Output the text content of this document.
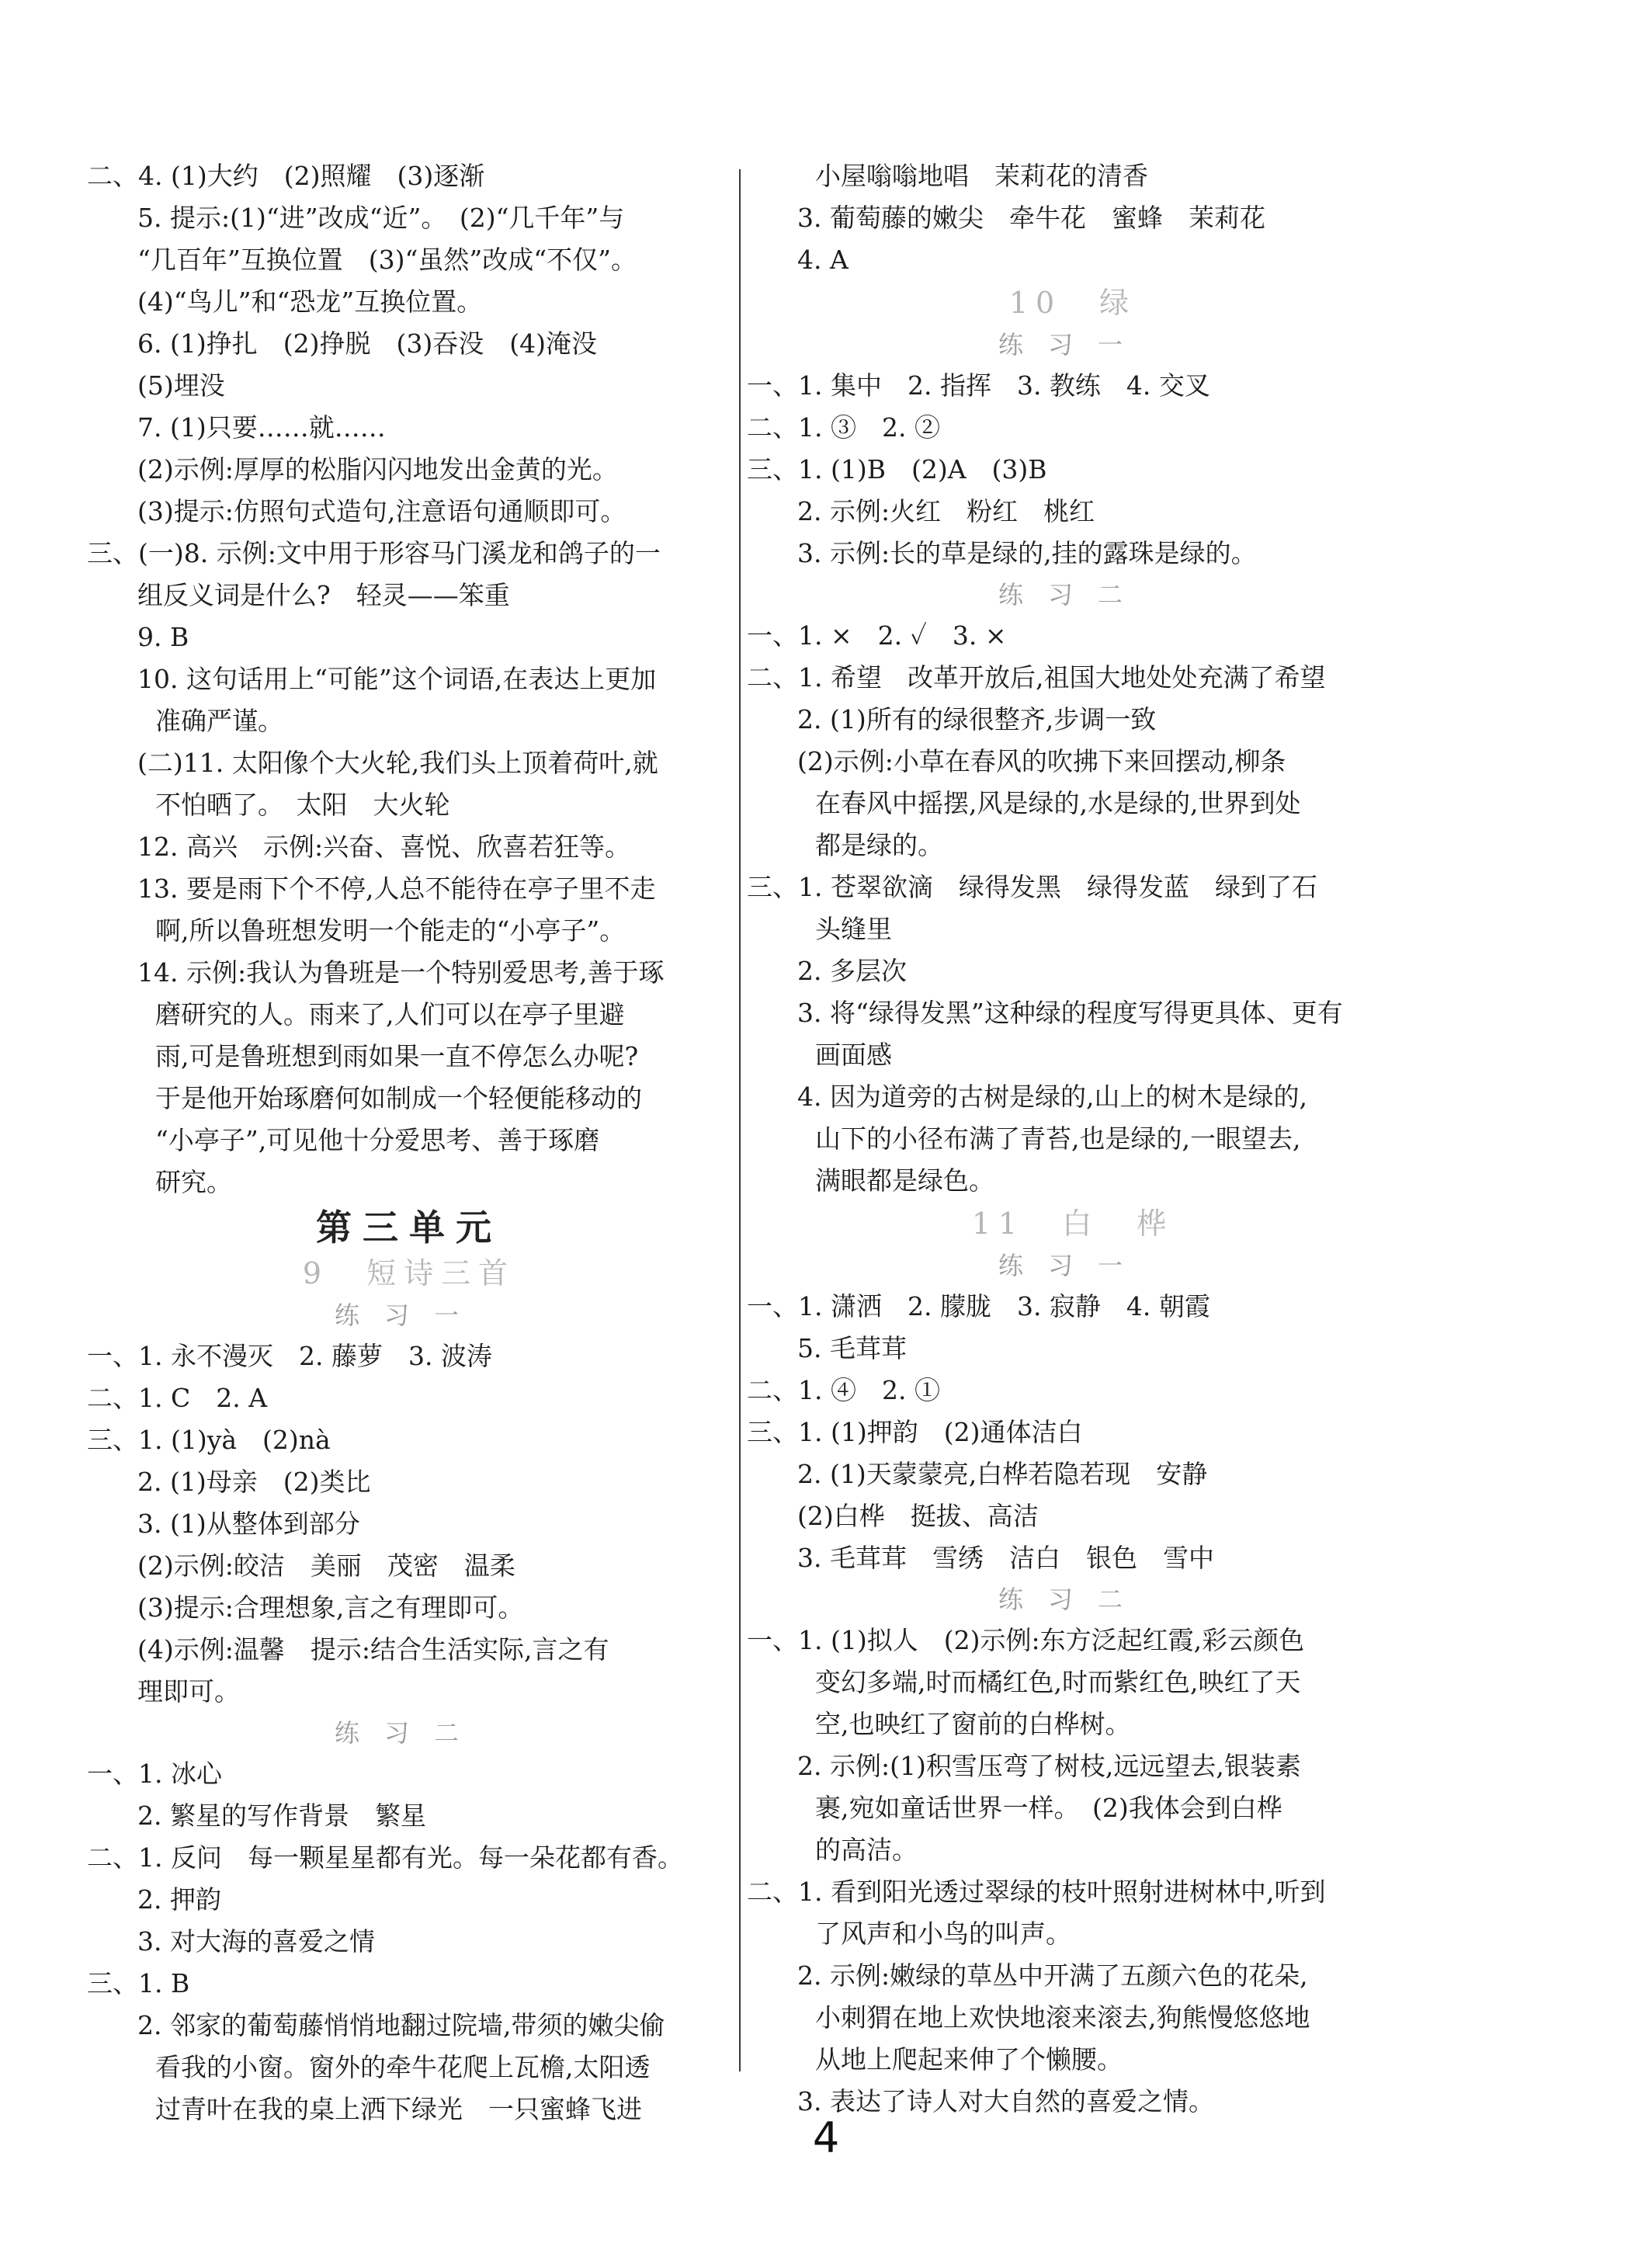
二、4. (1)大约　(2)照耀　(3)逐渐
5. 提示:(1)“进”改成“近”。　(2)“几千年”与
“几百年”互换位置　(3)“虽然”改成“不仅”。
(4)“鸟儿”和“恐龙”互换位置。
6. (1)挣扎　(2)挣脱　(3)吞没　(4)淹没
(5)埋没
7. (1)只要……就……
(2)示例:厚厚的松脂闪闪地发出金黄的光。
(3)提示:仿照句式造句,注意语句通顺即可。
三、(一)8. 示例:文中用于形容马门溪龙和鸽子的一
组反义词是什么?　轻灵——笨重
9. B
10. 这句话用上“可能”这个词语,在表达上更加
准确严谨。
(二)11. 太阳像个大火轮,我们头上顶着荷叶,就
不怕晒了。　太阳　大火轮
12. 高兴　示例:兴奋、喜悦、欣喜若狂等。
13. 要是雨下个不停,人总不能待在亭子里不走
啊,所以鲁班想发明一个能走的“小亭子”。
14. 示例:我认为鲁班是一个特别爱思考,善于琢
磨研究的人。雨来了,人们可以在亭子里避
雨,可是鲁班想到雨如果一直不停怎么办呢?
于是他开始琢磨何如制成一个轻便能移动的
“小亭子”,可见他十分爱思考、善于琢磨
研究。
第三单元
9　短诗三首
练习一
一、1. 永不漫灭　2. 藤萝　3. 波涛
二、1. C　2. A
三、1. (1)yà　(2)nà
2. (1)母亲　(2)类比
3. (1)从整体到部分
(2)示例:皎洁　美丽　茂密　温柔
(3)提示:合理想象,言之有理即可。
(4)示例:温馨　提示:结合生活实际,言之有
理即可。
练习二
一、1. 冰心
2. 繁星的写作背景　繁星
二、1. 反问　每一颗星星都有光。每一朵花都有香。
2. 押韵
3. 对大海的喜爱之情
三、1. B
2. 邻家的葡萄藤悄悄地翻过院墙,带须的嫩尖偷
看我的小窗。窗外的牵牛花爬上瓦檐,太阳透
过青叶在我的桌上洒下绿光　一只蜜蜂飞进
小屋嗡嗡地唱　茉莉花的清香
3. 葡萄藤的嫩尖　牵牛花　蜜蜂　茉莉花
4. A
10　绿
练习一
一、1. 集中　2. 指挥　3. 教练　4. 交叉
二、1. ③　2. ②
三、1. (1)B　(2)A　(3)B
2. 示例:火红　粉红　桃红
3. 示例:长的草是绿的,挂的露珠是绿的。
练习二
一、1. ×　2. ✓　3. ×
二、1. 希望　改革开放后,祖国大地处处充满了希望
2. (1)所有的绿很整齐,步调一致
(2)示例:小草在春风的吹拂下来回摆动,柳条
在春风中摇摆,风是绿的,水是绿的,世界到处
都是绿的。
三、1. 苍翠欲滴　绿得发黑　绿得发蓝　绿到了石
头缝里
2. 多层次
3. 将“绿得发黑”这种绿的程度写得更具体、更有
画面感
4. 因为道旁的古树是绿的,山上的树木是绿的,
山下的小径布满了青苔,也是绿的,一眼望去,
满眼都是绿色。
11　白　桦
练习一
一、1. 潇洒　2. 朦胧　3. 寂静　4. 朝霞
5. 毛茸茸
二、1. ④　2. ①
三、1. (1)押韵　(2)通体洁白
2. (1)天蒙蒙亮,白桦若隐若现　安静
(2)白桦　挺拔、高洁
3. 毛茸茸　雪绣　洁白　银色　雪中
练习二
一、1. (1)拟人　(2)示例:东方泛起红霞,彩云颜色
变幻多端,时而橘红色,时而紫红色,映红了天
空,也映红了窗前的白桦树。
2. 示例:(1)积雪压弯了树枝,远远望去,银装素
裹,宛如童话世界一样。　(2)我体会到白桦
的高洁。
二、1. 看到阳光透过翠绿的枝叶照射进树林中,听到
了风声和小鸟的叫声。
2. 示例:嫩绿的草丛中开满了五颜六色的花朵,
小刺猬在地上欢快地滚来滚去,狗熊慢悠悠地
从地上爬起来伸了个懒腰。
3. 表达了诗人对大自然的喜爱之情。
4
